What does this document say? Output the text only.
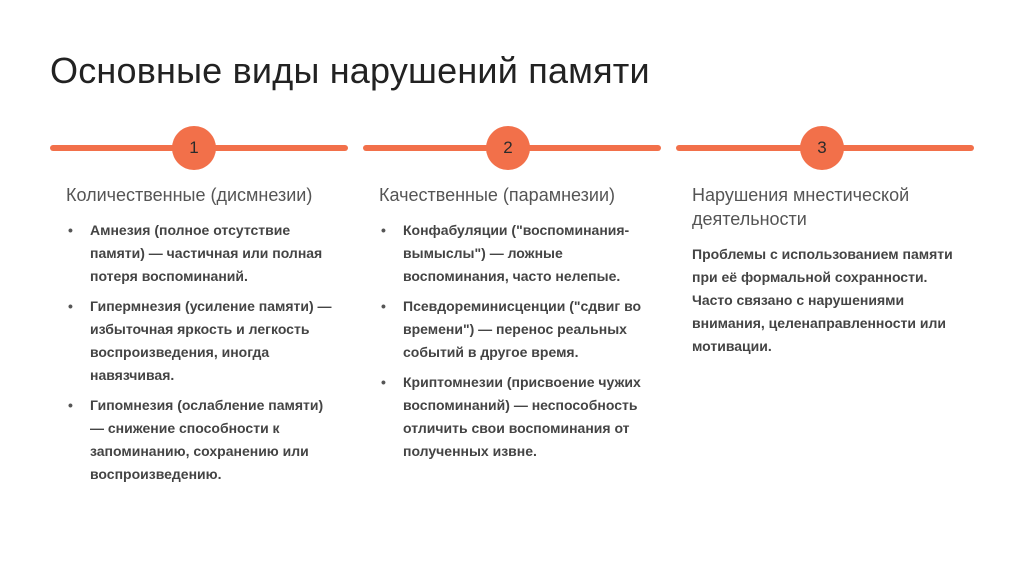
Основные виды нарушений памяти
1	2	3
Количественные (дисмнезии)
• Амнезия (полное отсутствие памяти) — частичная или полная потеря воспоминаний.
• Гипермнезия (усиление памяти) — избыточная яркость и легкость воспроизведения, иногда навязчивая.
• Гипомнезия (ослабление памяти) — снижение способности к запоминанию, сохранению или воспроизведению.
Качественные (парамнезии)
• Конфабуляции ("воспоминания-вымыслы") — ложные воспоминания, часто нелепые.
• Псевдореминисценции ("сдвиг во времени") — перенос реальных событий в другое время.
• Криптомнезии (присвоение чужих воспоминаний) — неспособность отличить свои воспоминания от полученных извне.
Нарушения мнестической деятельности

Проблемы с использованием памяти при её формальной сохранности. Часто связано с нарушениями внимания, целенаправленности или мотивации.
